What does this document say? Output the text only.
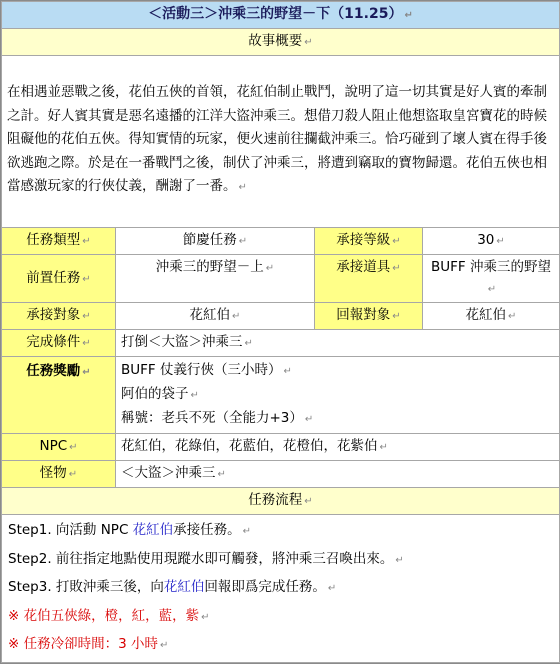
＜活動三＞沖乘三的野望－下（11.25） ↵			
故事概要 ↵			
在相遇並惡戰之後，花伯五俠的首領，花紅伯制止戰鬥，說明了這一切其實是好人賓的牽制之計。好人賓其實是惡名遠播的江洋大盜沖乘三。想借刀殺人阻止他想盜取皇宮寶花的時候阻礙他的花伯五俠。得知實情的玩家，便火速前往攔截沖乘三。恰巧碰到了壞人賓在得手後欲逃跑之際。於是在一番戰鬥之後，制伏了沖乘三，將遭到竊取的寶物歸還。花伯五俠也相當感激玩家的行俠仗義，酬謝了一番。 ↵			
任務類型 ↵	節慶任務 ↵	承接等級 ↵	30 ↵
前置任務 ↵	沖乘三的野望－上 ↵	承接道具 ↵	BUFF 沖乘三的野望↵
承接對象 ↵	花紅伯 ↵	回報對象 ↵	花紅伯 ↵
完成條件 ↵	打倒＜大盜＞沖乘三 ↵		
任務獎勵 ↵	BUFF 仗義行俠（三小時） ↵
阿伯的袋子 ↵
稱號：老兵不死（全能力+3） ↵		

NPC ↵	花紅伯，花綠伯，花藍伯，花橙伯，花紫伯 ↵		
怪物 ↵	＜大盜＞沖乘三 ↵		
任務流程 ↵			

Step1. 向活動 NPC 花紅伯承接任務。 ↵
Step2. 前往指定地點使用現蹤水即可觸發，將沖乘三召喚出來。 ↵
Step3. 打敗沖乘三後，向花紅伯回報即爲完成任務。 ↵
※ 花伯五俠綠，橙，紅，藍，紫 ↵
※ 任務冷卻時間：3 小時 ↵			
